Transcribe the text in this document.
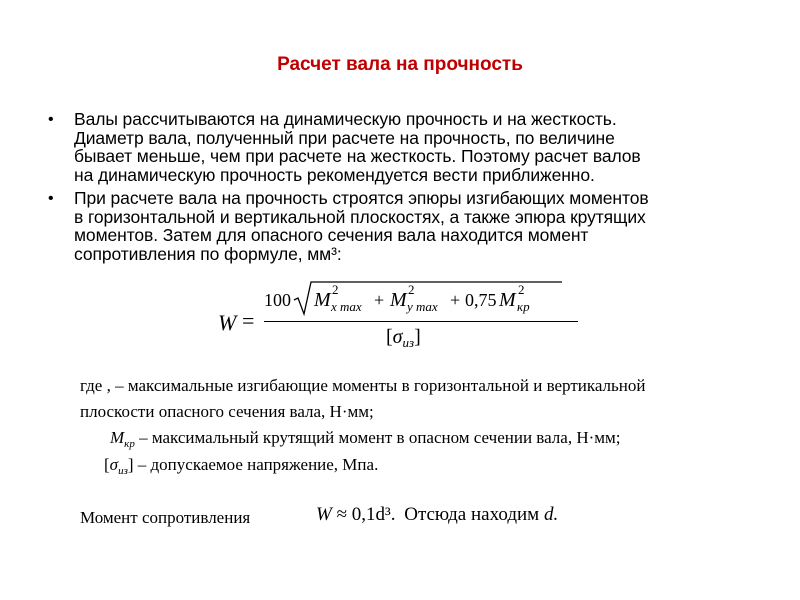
Расчет вала на прочность
• Валы рассчитываются на динамическую прочность и на жесткость.
Диаметр вала, полученный при расчете на прочность, по величине
бывает меньше, чем при расчете на жесткость. Поэтому расчет валов
на динамическую прочность рекомендуется вести приближенно.
• При расчете вала на прочность строятся эпюры изгибающих моментов
в горизонтальной и вертикальной плоскостях, а также эпюра крутящих
моментов. Затем для опасного сечения вала находится момент
сопротивления по формуле, мм³:
W =
100 M 2
x max + M 2
y max + 0,75 M 2
кр
$[\sigma_{из}]$
где , – максимальные изгибающие моменты в горизонтальной и вертикальной
плоскости опасного сечения вала, Н·мм;
$M_{кр}$ – максимальный крутящий момент в опасном сечении вала, Н·мм;
$[\sigma_{из}]$ – допускаемое напряжение, Мпа.
Момент сопротивления	W ≈ 0,1d³. Отсюда находим d.
